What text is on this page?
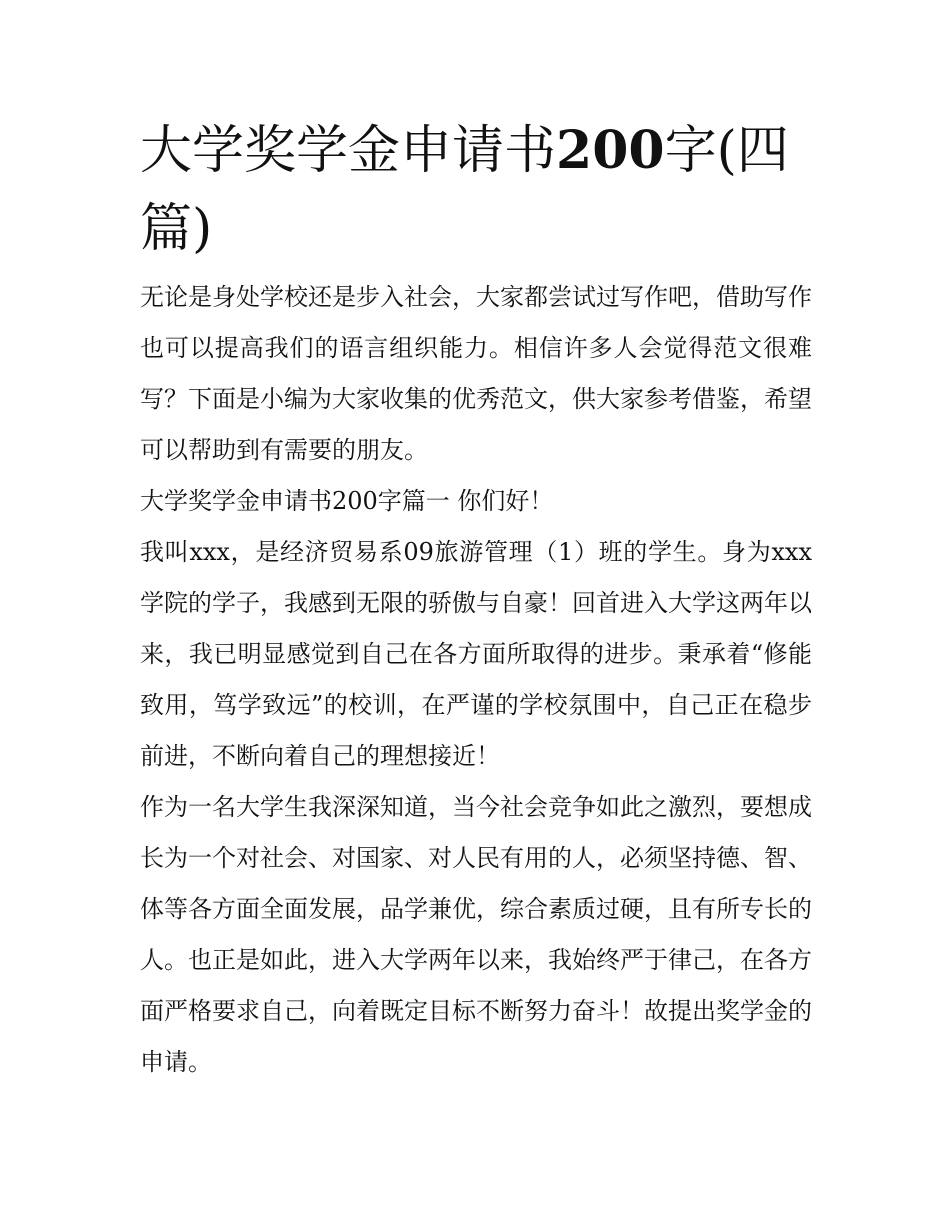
大学奖学金申请书200字(四
篇)

无论是身处学校还是步入社会，大家都尝试过写作吧，借助写作也可以提高我们的语言组织能力。相信许多人会觉得范文很难写？下面是小编为大家收集的优秀范文，供大家参考借鉴，希望可以帮助到有需要的朋友。

大学奖学金申请书200字篇一 你们好！

我叫xxx，是经济贸易系09旅游管理（1）班的学生。身为xxx学院的学子，我感到无限的骄傲与自豪！回首进入大学这两年以来，我已明显感觉到自己在各方面所取得的进步。秉承着“修能致用，笃学致远”的校训，在严谨的学校氛围中，自己正在稳步前进，不断向着自己的理想接近！

作为一名大学生我深深知道，当今社会竞争如此之激烈，要想成长为一个对社会、对国家、对人民有用的人，必须坚持德、智、体等各方面全面发展，品学兼优，综合素质过硬，且有所专长的人。也正是如此，进入大学两年以来，我始终严于律己，在各方面严格要求自己，向着既定目标不断努力奋斗！故提出奖学金的申请。
